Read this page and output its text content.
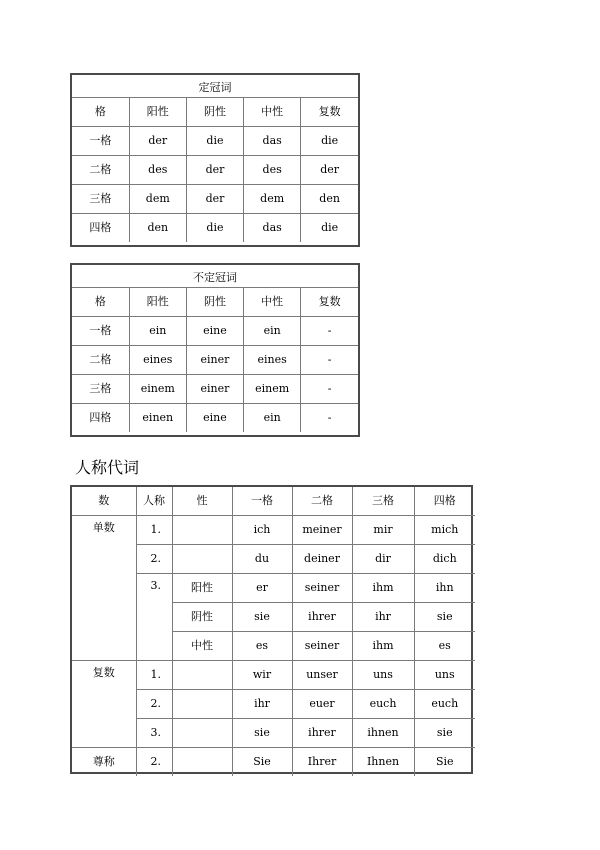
定冠词
格	阳性	阴性	中性	复数
一格	der	die	das	die
二格	des	der	des	der
三格	dem	der	dem	den
四格	den	die	das	die
不定冠词
格	阳性	阴性	中性	复数
一格	ein	eine	ein	-
二格	eines	einer	eines	-
三格	einem	einer	einem	-
四格	einen	eine	ein	-
人称代词
数	人称	性	一格	二格	三格	四格
单数	1.		ich	meiner	mir	mich
	2.		du	deiner	dir	dich
	3.	阳性	er	seiner	ihm	ihn
		阴性	sie	ihrer	ihr	sie
		中性	es	seiner	ihm	es
复数	1.		wir	unser	uns	uns
	2.		ihr	euer	euch	euch
	3.		sie	ihrer	ihnen	sie
尊称	2.		Sie	Ihrer	Ihnen	Sie
